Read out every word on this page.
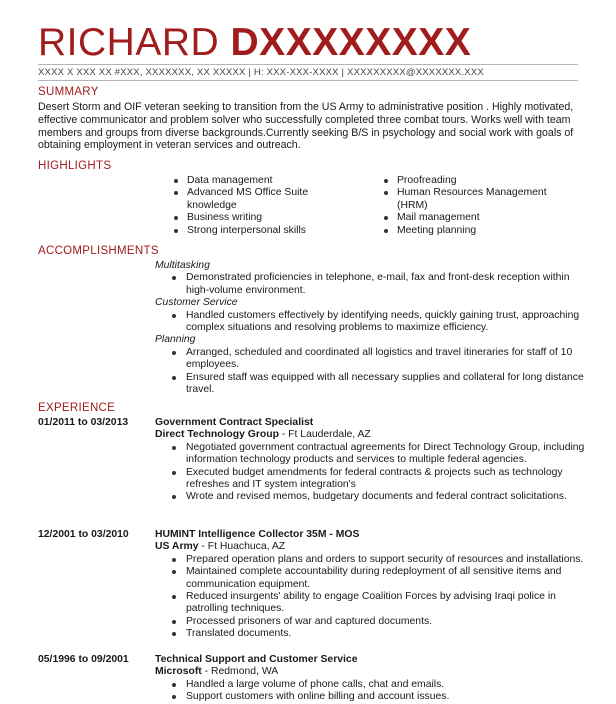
RICHARD DXXXXXXXX
XXXX X XXX XX #XXX, XXXXXXX, XX XXXXX | H: XXX-XXX-XXXX | XXXXXXXXX@XXXXXXX.XXX
SUMMARY

Desert Storm and OIF veteran seeking to transition from the US Army to administrative position . Highly motivated, effective communicator and problem solver who successfully completed three combat tours. Works well with team members and groups from diverse backgrounds.Currently seeking B/S in psychology and social work with goals of obtaining employment in veteran services and outreach.

HIGHLIGHTS
Data management
Advanced MS Office Suite knowledge
Business writing
Strong interpersonal skills
Proofreading
Human Resources Management (HRM)
Mail management
Meeting planning
ACCOMPLISHMENTS

Multitasking

Demonstrated proficiencies in telephone, e-mail, fax and front-desk reception within high-volume environment.

Customer Service

Handled customers effectively by identifying needs, quickly gaining trust, approaching complex situations and resolving problems to maximize efficiency.

Planning

Arranged, scheduled and coordinated all logistics and travel itineraries for staff of 10 employees.
Ensured staff was equipped with all necessary supplies and collateral for long distance travel.
EXPERIENCE
01/2011 to 03/2013	Government Contract Specialist

Direct Technology Group - Ft Lauderdale, AZ

Negotiated government contractual agreements for Direct Technology Group, including information technology products and services to multiple federal agencies.
Executed budget amendments for federal contracts & projects such as technology refreshes and IT system integration's
Wrote and revised memos, budgetary documents and federal contract solicitations.
12/2001 to 03/2010	HUMINT Intelligence Collector 35M - MOS

US Army - Ft Huachuca, AZ

Prepared operation plans and orders to support security of resources and installations.
Maintained complete accountability during redeployment of all sensitive items and communication equipment.
Reduced insurgents' ability to engage Coalition Forces by advising Iraqi police in patrolling techniques.
Processed prisoners of war and captured documents.
Translated documents.
05/1996 to 09/2001	Technical Support and Customer Service

Microsoft - Redmond, WA

Handled a large volume of phone calls, chat and emails.
Support customers with online billing and account issues.
